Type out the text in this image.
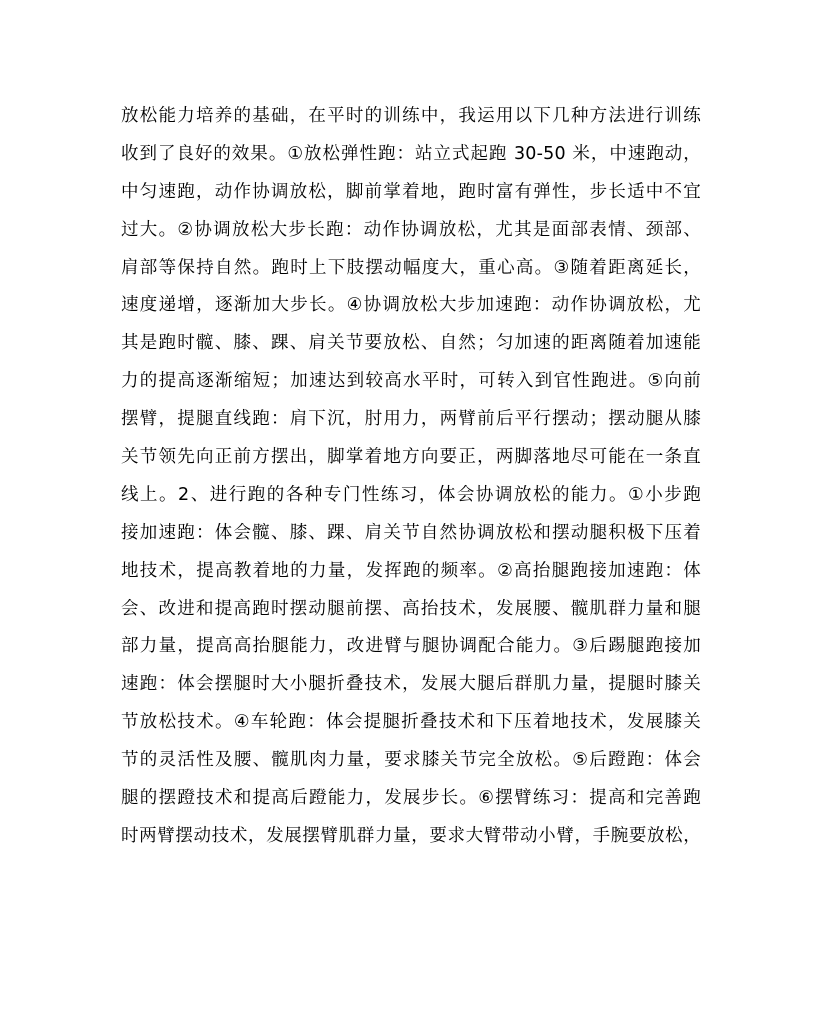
放松能力培养的基础，在平时的训练中，我运用以下几种方法进行训练
收到了良好的效果。①放松弹性跑：站立式起跑 30-50 米，中速跑动，
中匀速跑，动作协调放松，脚前掌着地，跑时富有弹性，步长适中不宜
过大。②协调放松大步长跑：动作协调放松，尤其是面部表情、颈部、
肩部等保持自然。跑时上下肢摆动幅度大，重心高。③随着距离延长，
速度递增，逐渐加大步长。④协调放松大步加速跑：动作协调放松，尤
其是跑时髋、膝、踝、肩关节要放松、自然；匀加速的距离随着加速能
力的提高逐渐缩短；加速达到较高水平时，可转入到官性跑进。⑤向前
摆臂，提腿直线跑：肩下沉，肘用力，两臂前后平行摆动；摆动腿从膝
关节领先向正前方摆出，脚掌着地方向要正，两脚落地尽可能在一条直
线上。2、进行跑的各种专门性练习，体会协调放松的能力。①小步跑
接加速跑：体会髋、膝、踝、肩关节自然协调放松和摆动腿积极下压着
地技术，提高教着地的力量，发挥跑的频率。②高抬腿跑接加速跑：体
会、改进和提高跑时摆动腿前摆、高抬技术，发展腰、髋肌群力量和腿
部力量，提高高抬腿能力，改进臂与腿协调配合能力。③后踢腿跑接加
速跑：体会摆腿时大小腿折叠技术，发展大腿后群肌力量，提腿时膝关
节放松技术。④车轮跑：体会提腿折叠技术和下压着地技术，发展膝关
节的灵活性及腰、髋肌肉力量，要求膝关节完全放松。⑤后蹬跑：体会
腿的摆蹬技术和提高后蹬能力，发展步长。⑥摆臂练习：提高和完善跑
时两臂摆动技术，发展摆臂肌群力量，要求大臂带动小臂，手腕要放松，
